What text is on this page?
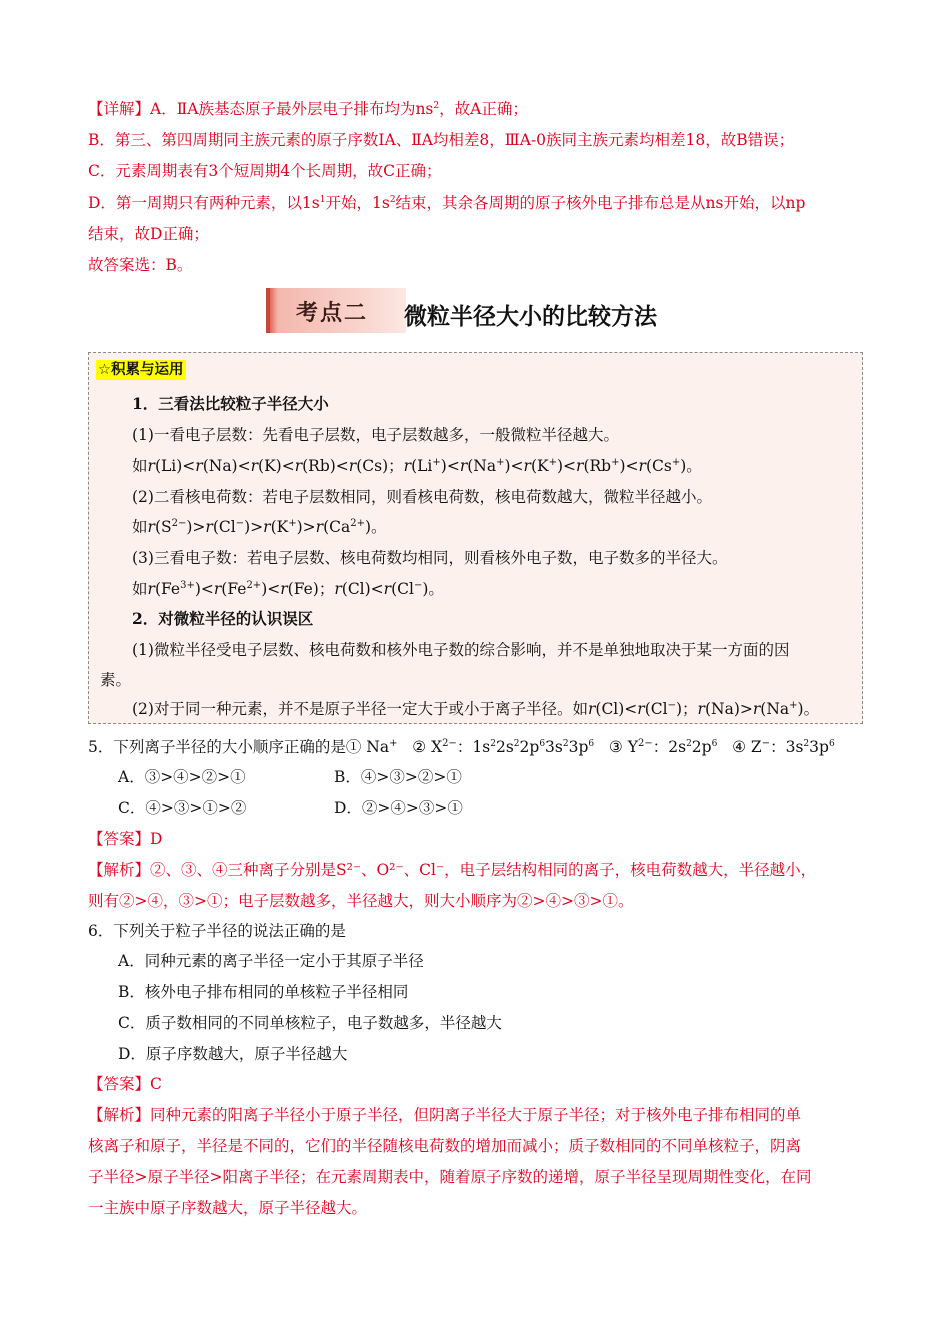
【详解】A．ⅡA族基态原子最外层电子排布均为$ns^2$，故A正确；
B．第三、第四周期同主族元素的原子序数ⅠA、ⅡA均相差8，ⅢA-0族同主族元素均相差18，故B错误；
C．元素周期表有3个短周期4个长周期，故C正确；
D．第一周期只有两种元素，以$1s^1$开始，$1s^2$结束，其余各周期的原子核外电子排布总是从ns开始，以np
结束，故D正确；
故答案选：B。
考点二 微粒半径大小的比较方法
☆积累与运用
1．三看法比较粒子半径大小
(1)一看电子层数：先看电子层数，电子层数越多，一般微粒半径越大。
如r(Li)<r(Na)<r(K)<r(Rb)<r(Cs)；r(Li+)<r(Na+)<r(K+)<r(Rb+)<r(Cs+)。
(2)二看核电荷数：若电子层数相同，则看核电荷数，核电荷数越大，微粒半径越小。
如$r(S^{2-})>r(Cl^-)>r(K^+)>r(Ca^{2+})$。
(3)三看电子数：若电子层数、核电荷数均相同，则看核外电子数，电子数多的半径大。
如$r(Fe^{3+})<r(Fe^{2+})<r(Fe)$；r(Cl)<r(Cl−)。
2．对微粒半径的认识误区
(1)微粒半径受电子层数、核电荷数和核外电子数的综合影响，并不是单独地取决于某一方面的因
素。
(2)对于同一种元素，并不是原子半径一定大于或小于离子半径。如r(Cl)<r(Cl−)；r(Na)>r(Na+)。
5．下列离子半径的大小顺序正确的是① Na+   ② $X^{2-}$：$1s^22s^22p^63s^23p^6$   ③ $Y^{2-}$：$2s^22p^6$   ④ Z−：$3s^23p^6$
A．③>④>②>①	B．④>③>②>①
C．④>③>①>②	D．②>④>③>①
【答案】D
【解析】②、③、④三种离子分别是S²⁻、O²⁻、Cl⁻，电子层结构相同的离子，核电荷数越大，半径越小，
则有②>④，③>①；电子层数越多，半径越大，则大小顺序为②>④>③>①。
6．下列关于粒子半径的说法正确的是
A．同种元素的离子半径一定小于其原子半径
B．核外电子排布相同的单核粒子半径相同
C．质子数相同的不同单核粒子，电子数越多，半径越大
D．原子序数越大，原子半径越大
【答案】C
【解析】同种元素的阳离子半径小于原子半径，但阴离子半径大于原子半径；对于核外电子排布相同的单
核离子和原子，半径是不同的，它们的半径随核电荷数的增加而减小；质子数相同的不同单核粒子，阴离
子半径>原子半径>阳离子半径；在元素周期表中，随着原子序数的递增，原子半径呈现周期性变化，在同
一主族中原子序数越大，原子半径越大。
